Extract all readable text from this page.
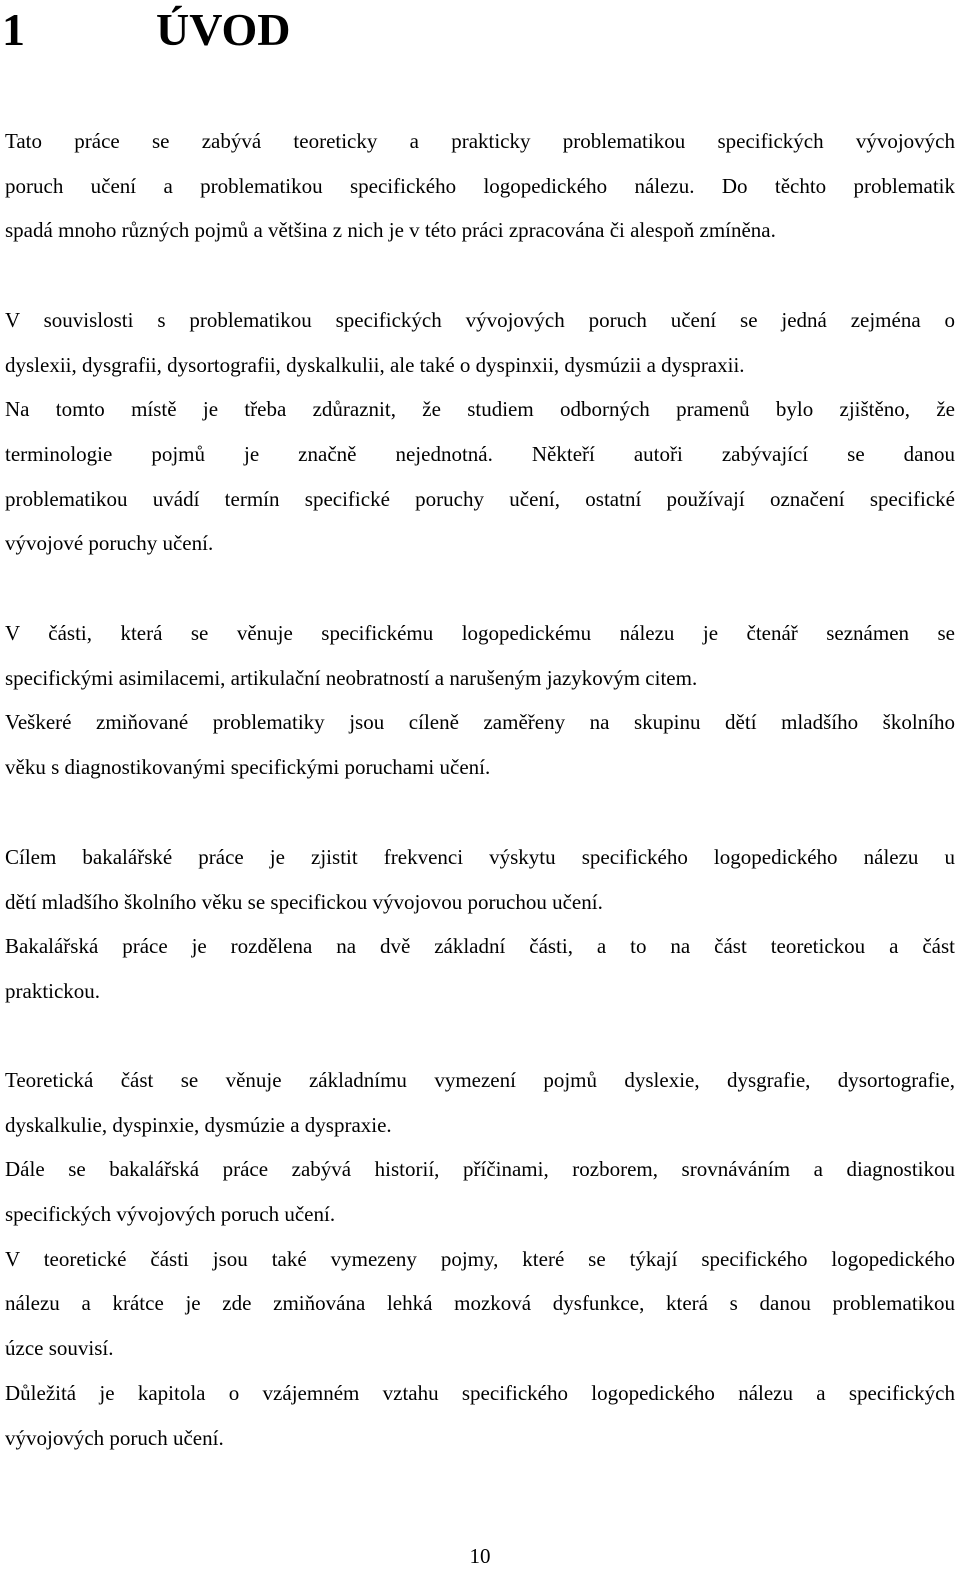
1	ÚVOD
Tato práce se zabývá teoreticky a prakticky problematikou specifických vývojových
poruch učení a problematikou specifického logopedického nálezu. Do těchto problematik
spadá mnoho různých pojmů a většina z nich je v této práci zpracována či alespoň zmíněna.
V souvislosti s problematikou specifických vývojových poruch učení se jedná zejména o
dyslexii, dysgrafii, dysortografii, dyskalkulii, ale také o dyspinxii, dysmúzii a dyspraxii.
Na tomto místě je třeba zdůraznit, že studiem odborných pramenů bylo zjištěno, že
terminologie pojmů je značně nejednotná. Někteří autoři zabývající se danou
problematikou uvádí termín specifické poruchy učení, ostatní používají označení specifické
vývojové poruchy učení.
V části, která se věnuje specifickému logopedickému nálezu je čtenář seznámen se
specifickými asimilacemi, artikulační neobratností a narušeným jazykovým citem.
Veškeré zmiňované problematiky jsou cíleně zaměřeny na skupinu dětí mladšího školního
věku s diagnostikovanými specifickými poruchami učení.
Cílem bakalářské práce je zjistit frekvenci výskytu specifického logopedického nálezu u
dětí mladšího školního věku se specifickou vývojovou poruchou učení.
Bakalářská práce je rozdělena na dvě základní části, a to na část teoretickou a část
praktickou.
Teoretická část se věnuje základnímu vymezení pojmů dyslexie, dysgrafie, dysortografie,
dyskalkulie, dyspinxie, dysmúzie a dyspraxie.
Dále se bakalářská práce zabývá historií, příčinami, rozborem, srovnáváním a diagnostikou
specifických vývojových poruch učení.
V teoretické části jsou také vymezeny pojmy, které se týkají specifického logopedického
nálezu a krátce je zde zmiňována lehká mozková dysfunkce, která s danou problematikou
úzce souvisí.
Důležitá je kapitola o vzájemném vztahu specifického logopedického nálezu a specifických
vývojových poruch učení.
10
